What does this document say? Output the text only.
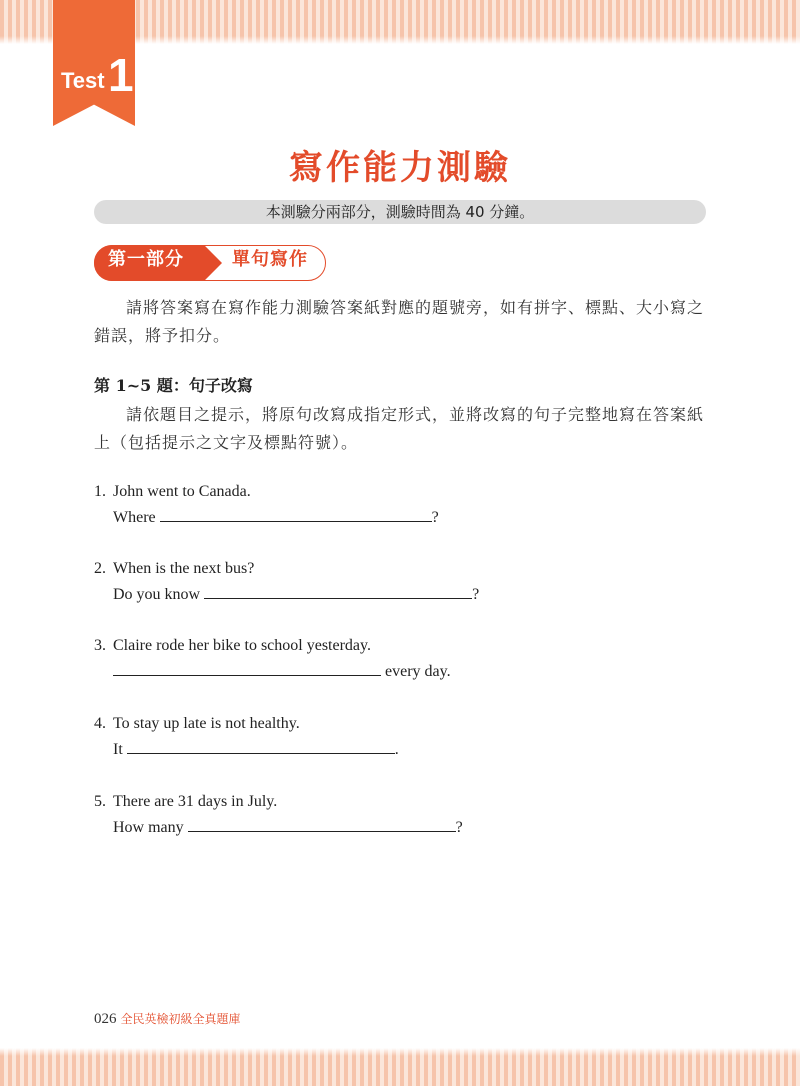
Test 1
寫作能力測驗
本測驗分兩部分，測驗時間為 40 分鐘。
第一部分	單句寫作
請將答案寫在寫作能力測驗答案紙對應的題號旁，如有拼字、標點、大小寫之錯誤，將予扣分。
第 1~5 題：句子改寫
請依題目之提示，將原句改寫成指定形式，並將改寫的句子完整地寫在答案紙上（包括提示之文字及標點符號）。
1. John went to Canada.
Where	?
2. When is the next bus?
Do you know	?
3. Claire rode her bike to school yesterday.
every day.
4. To stay up late is not healthy.
It	.
5. There are 31 days in July.
How many	?
026 全民英檢初級全真題庫
